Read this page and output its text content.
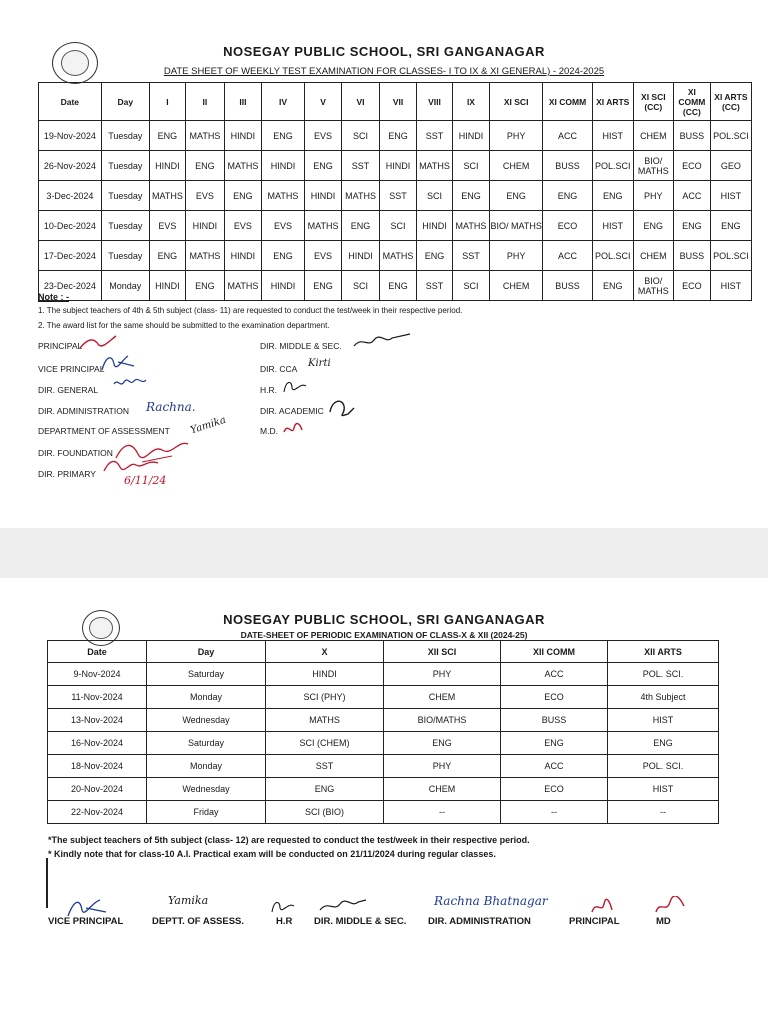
NOSEGAY PUBLIC SCHOOL, SRI GANGANAGAR
DATE SHEET OF WEEKLY TEST EXAMINATION FOR CLASSES- I TO IX & XI GENERAL) - 2024-2025
Date	Day	I	II	III	IV	V	VI	VII	VIII	IX	XI SCI	XI COMM	XI ARTS	XI SCI (CC)	XI COMM (CC)	XI ARTS (CC)
19-Nov-2024	Tuesday	ENG	MATHS	HINDI	ENG	EVS	SCI	ENG	SST	HINDI	PHY	ACC	HIST	CHEM	BUSS	POL.SCI
26-Nov-2024	Tuesday	HINDI	ENG	MATHS	HINDI	ENG	SST	HINDI	MATHS	SCI	CHEM	BUSS	POL.SCI	BIO/ MATHS	ECO	GEO
3-Dec-2024	Tuesday	MATHS	EVS	ENG	MATHS	HINDI	MATHS	SST	SCI	ENG	ENG	ENG	ENG	PHY	ACC	HIST
10-Dec-2024	Tuesday	EVS	HINDI	EVS	EVS	MATHS	ENG	SCI	HINDI	MATHS	BIO/ MATHS	ECO	HIST	ENG	ENG	ENG
17-Dec-2024	Tuesday	ENG	MATHS	HINDI	ENG	EVS	HINDI	MATHS	ENG	SST	PHY	ACC	POL.SCI	CHEM	BUSS	POL.SCI
23-Dec-2024	Monday	HINDI	ENG	MATHS	HINDI	ENG	SCI	ENG	SST	SCI	CHEM	BUSS	ENG	BIO/ MATHS	ECO	HIST
Note : -
1. The subject teachers of 4th & 5th subject (class- 11) are requested to conduct the test/week in their respective period.
2. The award list for the same should be submitted to the examination department.
PRINCIPAL
VICE PRINCIPAL
DIR. GENERAL
DIR. ADMINISTRATION
DEPARTMENT OF ASSESSMENT
DIR. FOUNDATION
DIR. PRIMARY
DIR. MIDDLE & SEC.
DIR. CCA
H.R.
DIR. ACADEMIC
M.D.
Rachna.
Yamika
6/11/24
Kirti
NOSEGAY PUBLIC SCHOOL, SRI GANGANAGAR
DATE-SHEET OF PERIODIC EXAMINATION OF CLASS-X & XII (2024-25)
Date	Day	X	XII SCI	XII COMM	XII ARTS
9-Nov-2024	Saturday	HINDI	PHY	ACC	POL. SCI.
11-Nov-2024	Monday	SCI (PHY)	CHEM	ECO	4th Subject
13-Nov-2024	Wednesday	MATHS	BIO/MATHS	BUSS	HIST
16-Nov-2024	Saturday	SCI (CHEM)	ENG	ENG	ENG
18-Nov-2024	Monday	SST	PHY	ACC	POL. SCI.
20-Nov-2024	Wednesday	ENG	CHEM	ECO	HIST
22-Nov-2024	Friday	SCI (BIO)	--	--	--
*The subject teachers of 5th subject (class- 12) are requested to conduct the test/week in their respective period.
* Kindly note that for class-10 A.I. Practical exam will be conducted on 21/11/2024 during regular classes.
VICE PRINCIPAL	DEPTT. OF ASSESS.	H.R DIR. MIDDLE & SEC. DIR. ADMINISTRATION	PRINCIPAL	MD
Yamika	Rachna Bhatnagar
